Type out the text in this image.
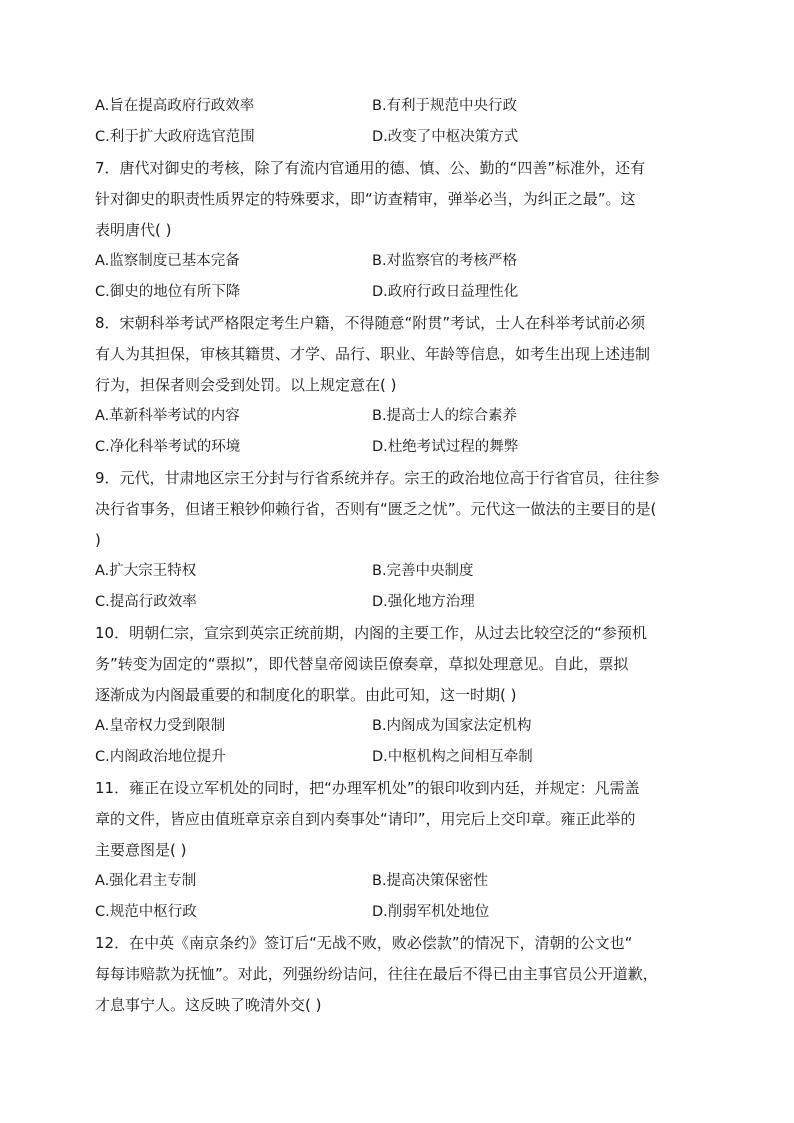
A.旨在提高政府行政效率	B.有利于规范中央行政
C.利于扩大政府选官范围	D.改变了中枢决策方式
7．唐代对御史的考核，除了有流内官通用的德、慎、公、勤的“四善”标准外，还有
针对御史的职责性质界定的特殊要求，即“访查精审，弹举必当，为纠正之最”。这
表明唐代( )
A.监察制度已基本完备	B.对监察官的考核严格
C.御史的地位有所下降	D.政府行政日益理性化
8．宋朝科举考试严格限定考生户籍，不得随意“附贯”考试，士人在科举考试前必须
有人为其担保，审核其籍贯、才学、品行、职业、年龄等信息，如考生出现上述违制
行为，担保者则会受到处罚。以上规定意在( )
A.革新科举考试的内容	B.提高士人的综合素养
C.净化科举考试的环境	D.杜绝考试过程的舞弊
9．元代，甘肃地区宗王分封与行省系统并存。宗王的政治地位高于行省官员，往往参
决行省事务，但诸王粮钞仰赖行省，否则有“匮乏之忧”。元代这一做法的主要目的是(
)
A.扩大宗王特权	B.完善中央制度
C.提高行政效率	D.强化地方治理
10．明朝仁宗，宣宗到英宗正统前期，内阁的主要工作，从过去比较空泛的“参预机
务”转变为固定的“票拟”，即代替皇帝阅读臣僚奏章，草拟处理意见。自此，票拟
逐渐成为内阁最重要的和制度化的职掌。由此可知，这一时期( )
A.皇帝权力受到限制	B.内阁成为国家法定机构
C.内阁政治地位提升	D.中枢机构之间相互牵制
11．雍正在设立军机处的同时，把“办理军机处”的银印收到内廷，并规定：凡需盖
章的文件，皆应由值班章京亲自到内奏事处“请印”，用完后上交印章。雍正此举的
主要意图是( )
A.强化君主专制	B.提高决策保密性
C.规范中枢行政	D.削弱军机处地位
12．在中英《南京条约》签订后“无战不败，败必偿款”的情况下，清朝的公文也“
每每讳赔款为抚恤”。对此，列强纷纷诘问，往往在最后不得已由主事官员公开道歉，
才息事宁人。这反映了晚清外交( )
